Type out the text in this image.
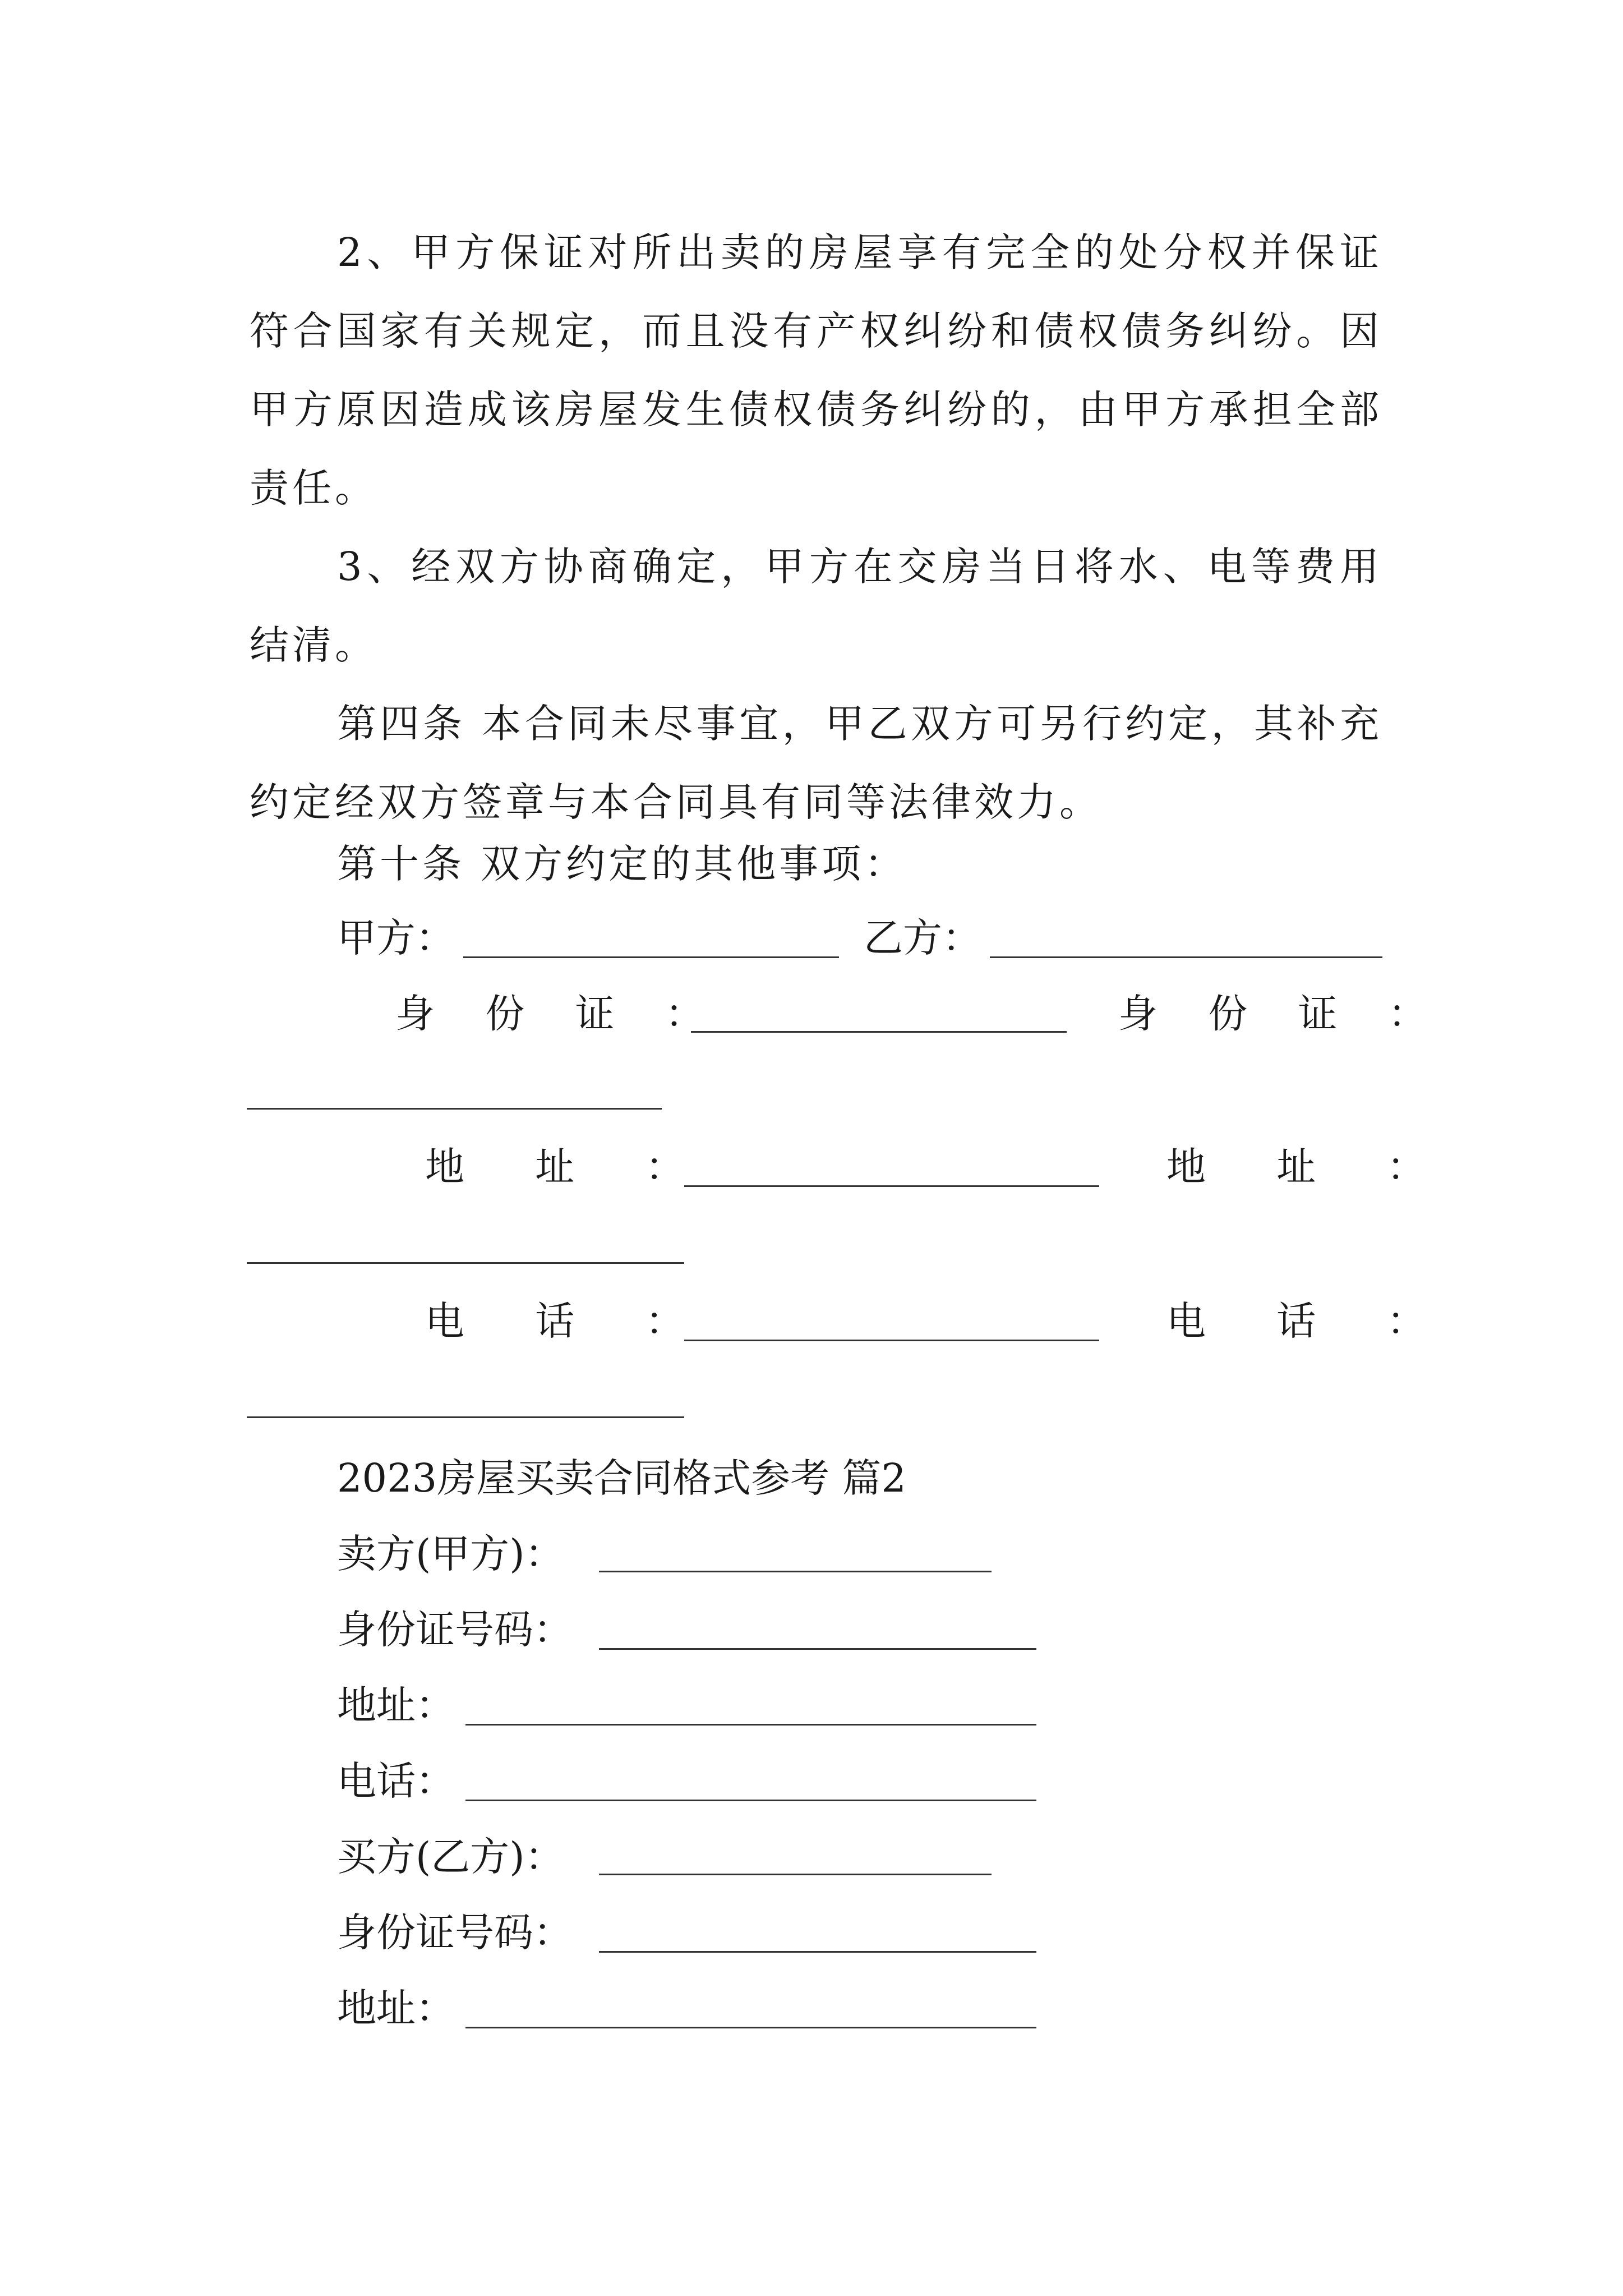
2、甲方保证对所出卖的房屋享有完全的处分权并保证符合国家有关规定，而且没有产权纠纷和债权债务纠纷。因甲方原因造成该房屋发生债权债务纠纷的，由甲方承担全部责任。

3、经双方协商确定，甲方在交房当日将水、电等费用结清。

第四条 本合同未尽事宜，甲乙双方可另行约定，其补充约定经双方签章与本合同具有同等法律效力。

第十条 双方约定的其他事项：
甲方：	乙方：
身 份 证 ：	身 份 证 ：
地 址 ：	地 址 ：
电 话 ：	电 话 ：
2023房屋买卖合同格式参考 篇2
卖方(甲方)：
身份证号码：
地址：
电话：
买方(乙方)：
身份证号码：
地址：
